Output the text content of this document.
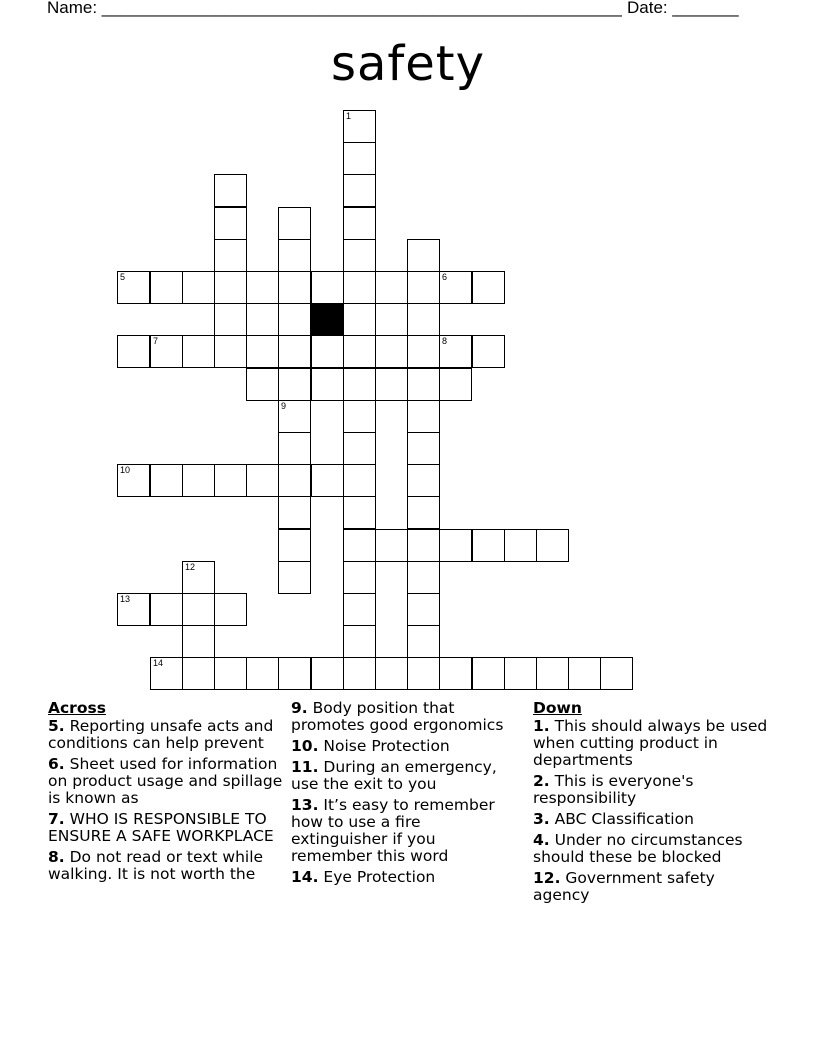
Name: _______________________________________________________ Date: _______
safety
1
9
5	6
7	8
10
12
13
14
Across
5. Reporting unsafe acts and conditions can help prevent
6. Sheet used for information on product usage and spillage is known as
7. WHO IS RESPONSIBLE TO ENSURE A SAFE WORKPLACE
8. Do not read or text while walking. It is not worth the
9. Body position that promotes good ergonomics
10. Noise Protection
11. During an emergency, use the exit to you
13. It’s easy to remember how to use a fire extinguisher if you remember this word
14. Eye Protection
Down
1. This should always be used when cutting product in departments
2. This is everyone's responsibility
3. ABC Classification
4. Under no circumstances should these be blocked
12. Government safety agency
